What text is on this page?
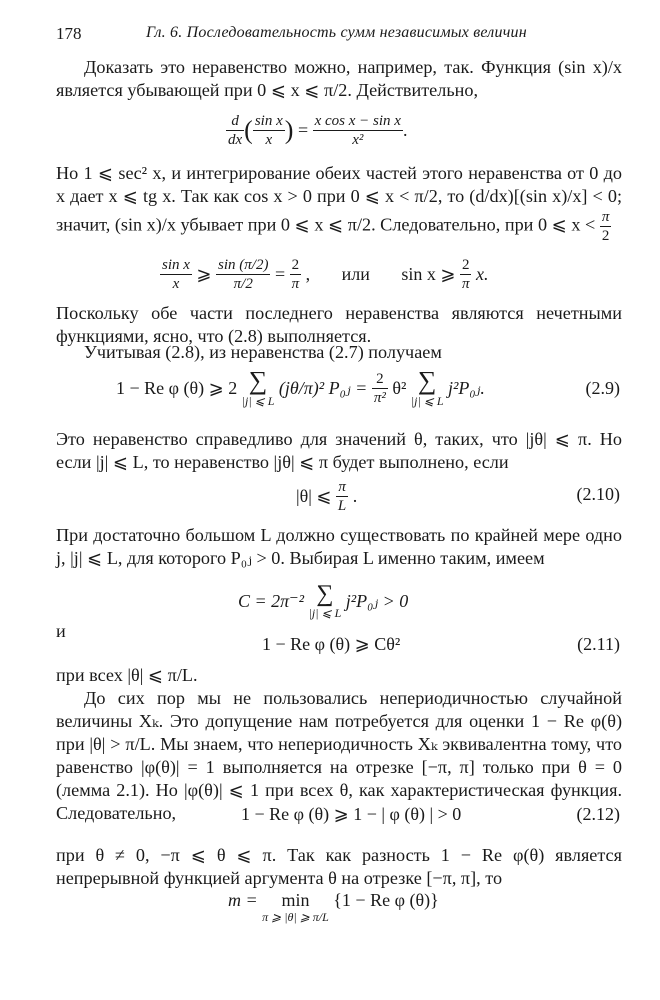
178	Гл. 6. Последовательность сумм независимых величин

Доказать это неравенство можно, например, так. Функция (sin x)/x является убывающей при 0 ⩽ x ⩽ π/2. Действительно,

$\frac{d}{dx}$ ( $\frac{\text{sin x}}{x}$ ) = $\frac{\text{x cos x − sin x}}{\text{x²}}$ .

Но 1 ⩽ sec² x, и интегрирование обеих частей этого неравенства от 0 до x дает x ⩽ tg x. Так как cos x > 0 при 0 ⩽ x < π/2, то (d/dx)[(sin x)/x] < 0; значит, (sin x)/x убывает при 0 ⩽ x ⩽ π/2. Следовательно, при 0 ⩽ $x < \frac{\pi}{2}$

$\frac{\text{sin x}}{x}$ ⩾ $\frac{\sin (\pi/2)}{\pi/2} = \frac{2}{\pi}$ ,       или sin x ⩾ $\frac{2}{\pi} x$.

Поскольку обе части последнего неравенства являются нечетными функциями, ясно, что (2.8) выполняется.

Учитывая (2.8), из неравенства (2.7) получаем

1 − Re φ (θ) ⩾ 2 ∑
|j| ⩽ L
(jθ/π)² P₀ⱼ = $\frac{2}{\text{π²}} \theta^2$ ∑
|j| ⩽ L
j²P₀ⱼ.	(2.9)

Это неравенство справедливо для значений θ, таких, что |jθ| ⩽ π. Но если |j| ⩽ L, то неравенство |jθ| ⩽ π будет выполнено, если

|θ| ⩽ $\frac{\pi}{L}$ .	(2.10)

При достаточно большом L должно существовать по крайней мере одно j, |j| ⩽ L, для которого P₀ⱼ > 0. Выбирая L именно таким, имеем

C = 2π⁻² ∑
|j| ⩽ L
j²P₀ⱼ > 0

и

1 − Re φ (θ) ⩾ Cθ²	(2.11)

при всех |θ| ⩽ π/L.

До сих пор мы не пользовались непериодичностью случайной величины Xₖ. Это допущение нам потребуется для оценки 1 − Re φ(θ) при |θ| > π/L. Мы знаем, что непериодичность Xₖ эквивалентна тому, что равенство |φ(θ)| = 1 выполняется на отрезке [−π, π] только при θ = 0 (лемма 2.1). Но |φ(θ)| ⩽ 1 при всех θ, как характеристическая функция. Следовательно,	1 − Re φ (θ) ⩾ 1 − | φ (θ) | > 0	(2.12)

при θ ≠ 0, −π ⩽ θ ⩽ π. Так как разность 1 − Re φ(θ) является непрерывной функцией аргумента θ на отрезке [−π, π], то

m =	min
π ⩾ |θ| ⩾ π/L
{1 − Re φ (θ)}
